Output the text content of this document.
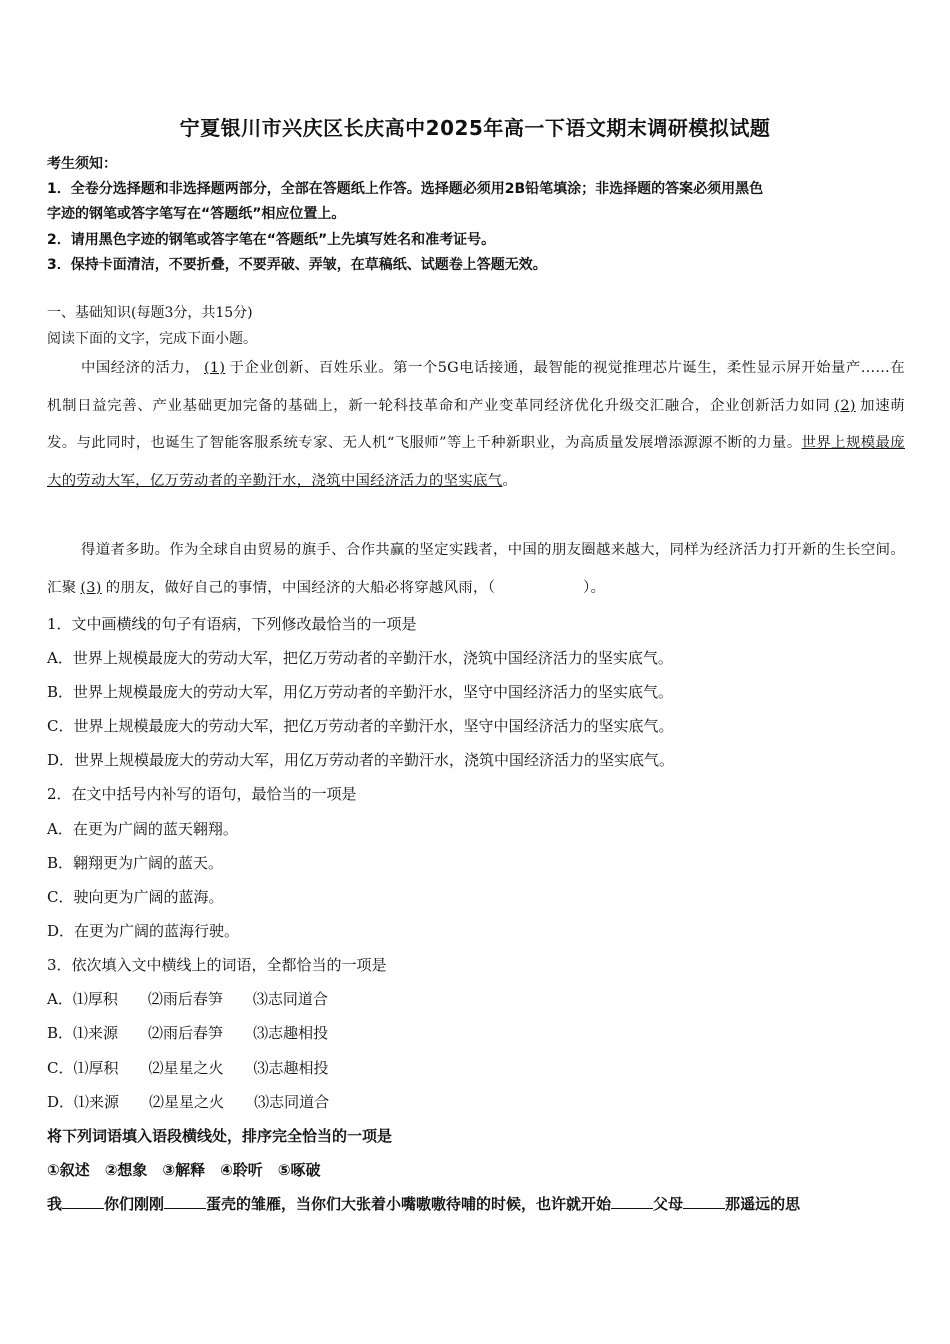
宁夏银川市兴庆区长庆高中2025年高一下语文期末调研模拟试题
考生须知：
1．全卷分选择题和非选择题两部分，全部在答题纸上作答。选择题必须用2B铅笔填涂；非选择题的答案必须用黑色
字迹的钢笔或答字笔写在“答题纸”相应位置上。
2．请用黑色字迹的钢笔或答字笔在“答题纸”上先填写姓名和准考证号。
3．保持卡面清洁，不要折叠，不要弄破、弄皱，在草稿纸、试题卷上答题无效。
一、基础知识(每题3分，共15分)
阅读下面的文字，完成下面小题。
中国经济的活力， (1) 于企业创新、百姓乐业。第一个5G电话接通，最智能的视觉推理芯片诞生，柔性显示屏开始量产……在机制日益完善、产业基础更加完备的基础上，新一轮科技革命和产业变革同经济优化升级交汇融合，企业创新活力如同 (2) 加速萌发。与此同时，也诞生了智能客服系统专家、无人机“飞服师”等上千种新职业，为高质量发展增添源源不断的力量。世界上规模最庞大的劳动大军，亿万劳动者的辛勤汗水，浇筑中国经济活力的坚实底气。
得道者多助。作为全球自由贸易的旗手、合作共赢的坚定实践者，中国的朋友圈越来越大，同样为经济活力打开新的生长空间。汇聚 (3) 的朋友，做好自己的事情，中国经济的大船必将穿越风雨，（	）。
1．文中画横线的句子有语病，下列修改最恰当的一项是
A．世界上规模最庞大的劳动大军，把亿万劳动者的辛勤汗水，浇筑中国经济活力的坚实底气。
B．世界上规模最庞大的劳动大军，用亿万劳动者的辛勤汗水，坚守中国经济活力的坚实底气。
C．世界上规模最庞大的劳动大军，把亿万劳动者的辛勤汗水，坚守中国经济活力的坚实底气。
D．世界上规模最庞大的劳动大军，用亿万劳动者的辛勤汗水，浇筑中国经济活力的坚实底气。
2．在文中括号内补写的语句，最恰当的一项是
A．在更为广阔的蓝天翱翔。
B．翱翔更为广阔的蓝天。
C．驶向更为广阔的蓝海。
D．在更为广阔的蓝海行驶。
3．依次填入文中横线上的词语，全都恰当的一项是
A．⑴厚积 ⑵雨后春笋 ⑶志同道合
B．⑴来源 ⑵雨后春笋 ⑶志趣相投
C．⑴厚积 ⑵星星之火 ⑶志趣相投
D．⑴来源 ⑵星星之火 ⑶志同道合
将下列词语填入语段横线处，排序完全恰当的一项是
①叙述　②想象　③解释　④聆听　⑤啄破
我	你们刚刚	蛋壳的雏雁，当你们大张着小嘴嗷嗷待哺的时候，也许就开始	父母	那遥远的思
